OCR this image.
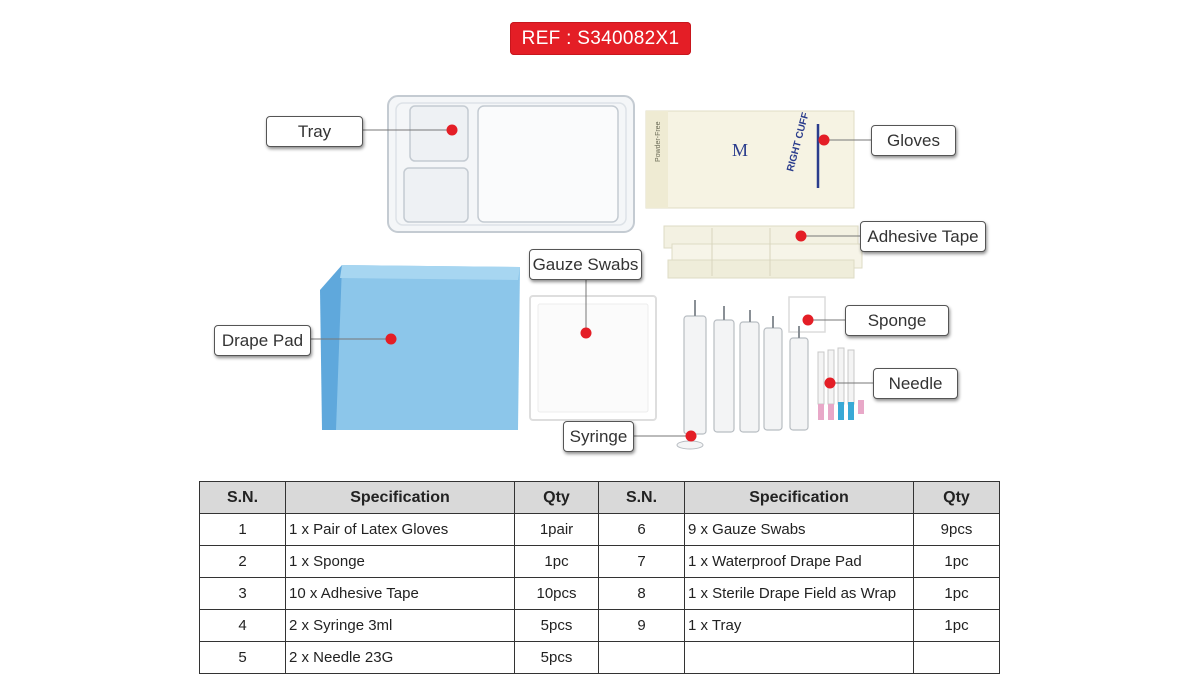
REF : S340082X1
Powder-Free	M	RIGHT CUFF
Tray	Gloves
Adhesive Tape
Gauze Swabs
Drape Pad
Sponge
Needle
Syringe
S.N.	Specification	Qty	S.N.	Specification	Qty
1	1 x Pair of Latex Gloves	1pair	6	9 x Gauze Swabs	9pcs
2	1 x Sponge	1pc	7	1 x Waterproof Drape Pad	1pc
3	10 x Adhesive Tape	10pcs	8	1 x Sterile Drape Field as Wrap	1pc
4	2 x Syringe 3ml	5pcs	9	1 x Tray	1pc
5	2 x Needle 23G	5pcs			
